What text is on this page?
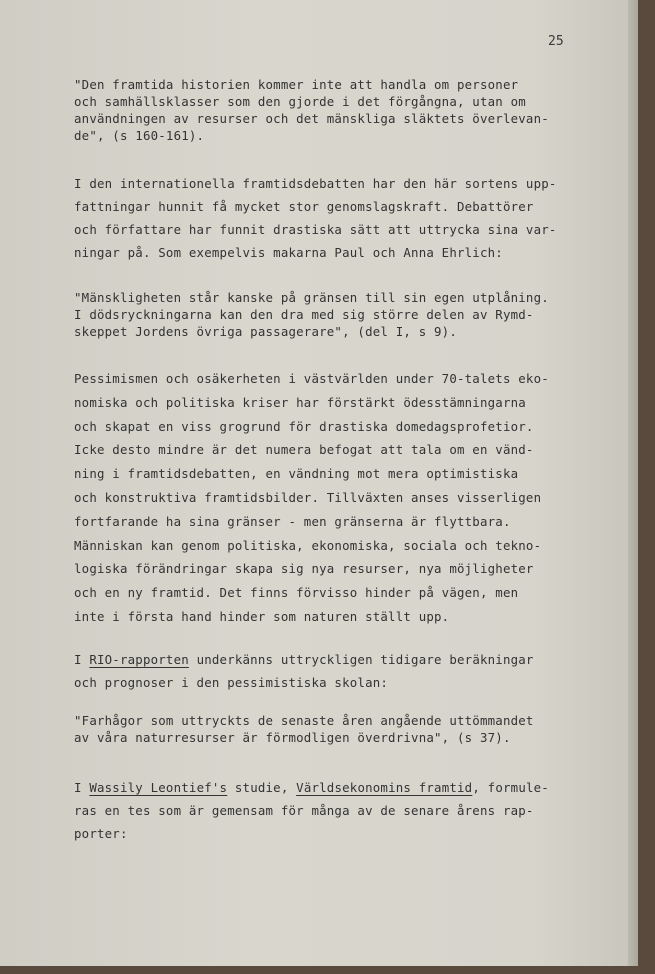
25
"Den framtida historien kommer inte att handla om personer
och samhällsklasser som den gjorde i det förgångna, utan om
användningen av resurser och det mänskliga släktets överlevan-
de", (s 160-161).
I den internationella framtidsdebatten har den här sortens upp-
fattningar hunnit få mycket stor genomslagskraft. Debattörer
och författare har funnit drastiska sätt att uttrycka sina var-
ningar på. Som exempelvis makarna Paul och Anna Ehrlich:
"Mänskligheten står kanske på gränsen till sin egen utplåning.
I dödsryckningarna kan den dra med sig större delen av Rymd-
skeppet Jordens övriga passagerare", (del I, s 9).
Pessimismen och osäkerheten i västvärlden under 70-talets eko-
nomiska och politiska kriser har förstärkt ödesstämningarna
och skapat en viss grogrund för drastiska domedagsprofetior.
Icke desto mindre är det numera befogat att tala om en vänd-
ning i framtidsdebatten, en vändning mot mera optimistiska
och konstruktiva framtidsbilder. Tillväxten anses visserligen
fortfarande ha sina gränser - men gränserna är flyttbara.
Människan kan genom politiska, ekonomiska, sociala och tekno-
logiska förändringar skapa sig nya resurser, nya möjligheter
och en ny framtid. Det finns förvisso hinder på vägen, men
inte i första hand hinder som naturen ställt upp.
I RIO-rapporten underkänns uttryckligen tidigare beräkningar
och prognoser i den pessimistiska skolan:
"Farhågor som uttryckts de senaste åren angående uttömmandet
av våra naturresurser är förmodligen överdrivna", (s 37).
I Wassily Leontief's studie, Världsekonomins framtid, formule-
ras en tes som är gemensam för många av de senare årens rap-
porter:
